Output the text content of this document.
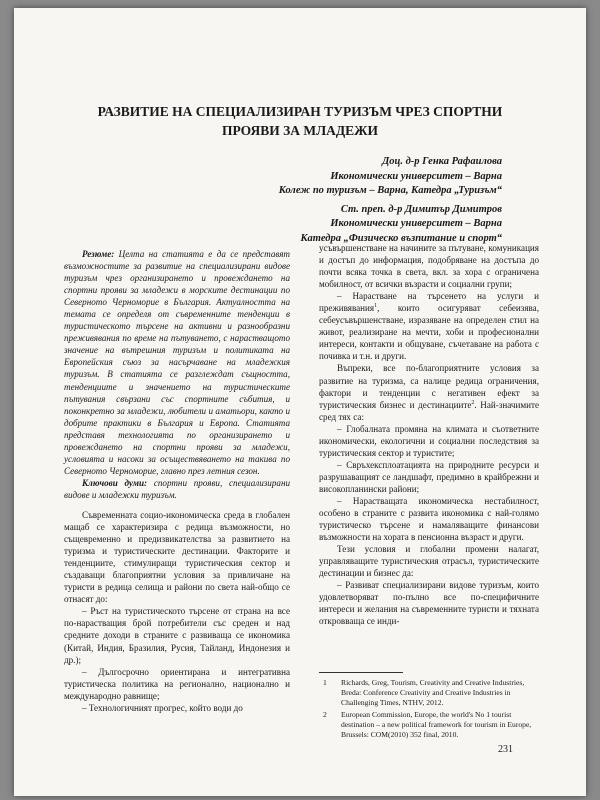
РАЗВИТИЕ НА СПЕЦИАЛИЗИРАН ТУРИЗЪМ ЧРЕЗ СПОРТНИ ПРОЯВИ ЗА МЛАДЕЖИ
Доц. д-р Генка Рафаилова
Икономически университет – Варна
Колеж по туризъм – Варна, Катедра „Туризъм“
Ст. преп. д-р Димитър Димитров
Икономически университет – Варна
Катедра „Физическо възпитание и спорт“

Резюме: Целта на статията е да се представят възможностите за развитие на специализирани видове туризъм чрез организирането и провеждането на спортни прояви за младежи в морските дестинации по Северното Черноморие в България. Актуалността на темата се определя от съвременните тенденции в туристическото търсене на активни и разнообразни преживявания по време на пътуването, с нарастващото значение на вътрешния туризъм и политиката на Европейския съюз за насърчаване на младежкия туризъм. В статията се разглеждат същността, тенденциите и значението на туристическите пътувания свързани със спортните събития, и поконкретно за младежи, любители и аматьори, както и добрите практики в България и Европа. Статията представя технологията по организирането и провеждането на спортни прояви за младежи, условията и насоки за осъществяването на такива по Северното Черноморие, главно през летния сезон.

Ключови думи: спортни прояви, специализирани видове и младежки туризъм.

Съвременната социо-икономическа среда в глобален мащаб се характеризира с редица възможности, но същевременно и предизвикателства за развитието на туризма и туристическите дестинации. Факторите и тенденциите, стимулиращи туристическия сектор и създаващи благоприятни условия за привличане на туристи в редица селища и райони по света най-общо се отнасят до:

– Ръст на туристическото търсене от страна на все по-нарастващия брой потребители със среден и над средните доходи в страните с развиваща се икономика (Китай, Индия, Бразилия, Русия, Тайланд, Индонезия и др.);

– Дългосрочно ориентирана и интегративна туристическа политика на регионално, национално и международно равнище;

– Технологичният прогрес, който води до

усъвършенстване на начините за пътуване, комуникация и достъп до информация, подобряване на достъпа до почти всяка точка в света, вкл. за хора с ограничена мобилност, от всички възрасти и социални групи;

– Нарастване на търсенето на услуги и преживявания$^1$, които осигуряват себеизява, себеусъвършенстване, изразяване на определен стил на живот, реализиране на мечти, хоби и професионални интереси, контакти и общуване, съчетаване на работа с почивка и т.н. и други.

Въпреки, все по-благоприятните условия за развитие на туризма, са налице редица ограничения, фактори и тенденции с негативен ефект за туристическия бизнес и дестинациите$^2$. Най-значимите сред тях са:

– Глобалната промяна на климата и съответните икономически, екологични и социални последствия за туристическия сектор и туристите;

– Свръхексплоатацията на природните ресурси и разрушаващият се ландшафт, предимно в крайбрежни и високопланински райони;

– Нарастващата икономическа нестабилност, особено в страните с развита икономика с най-голямо туристическо търсене и намаляващите финансови възможности на хората в пенсионна възраст и други.

Тези условия и глобални промени налагат, управляващите туристическия отрасъл, туристическите дестинации и бизнес да:

– Развиват специализирани видове туризъм, които удовлетворяват по-пълно все по-специфичните интереси и желания на съвременните туристи и тяхната откровваща се инди-

1	Richards, Greg, Tourism, Creativity and Creative Industries, Breda: Conference Creativity and Creative Industries in Challenging Times, NTHV, 2012.
2	European Commission, Europe, the world's No 1 tourist destination – a new political framework for tourism in Europe, Brussels: COM(2010) 352 final, 2010.
231
